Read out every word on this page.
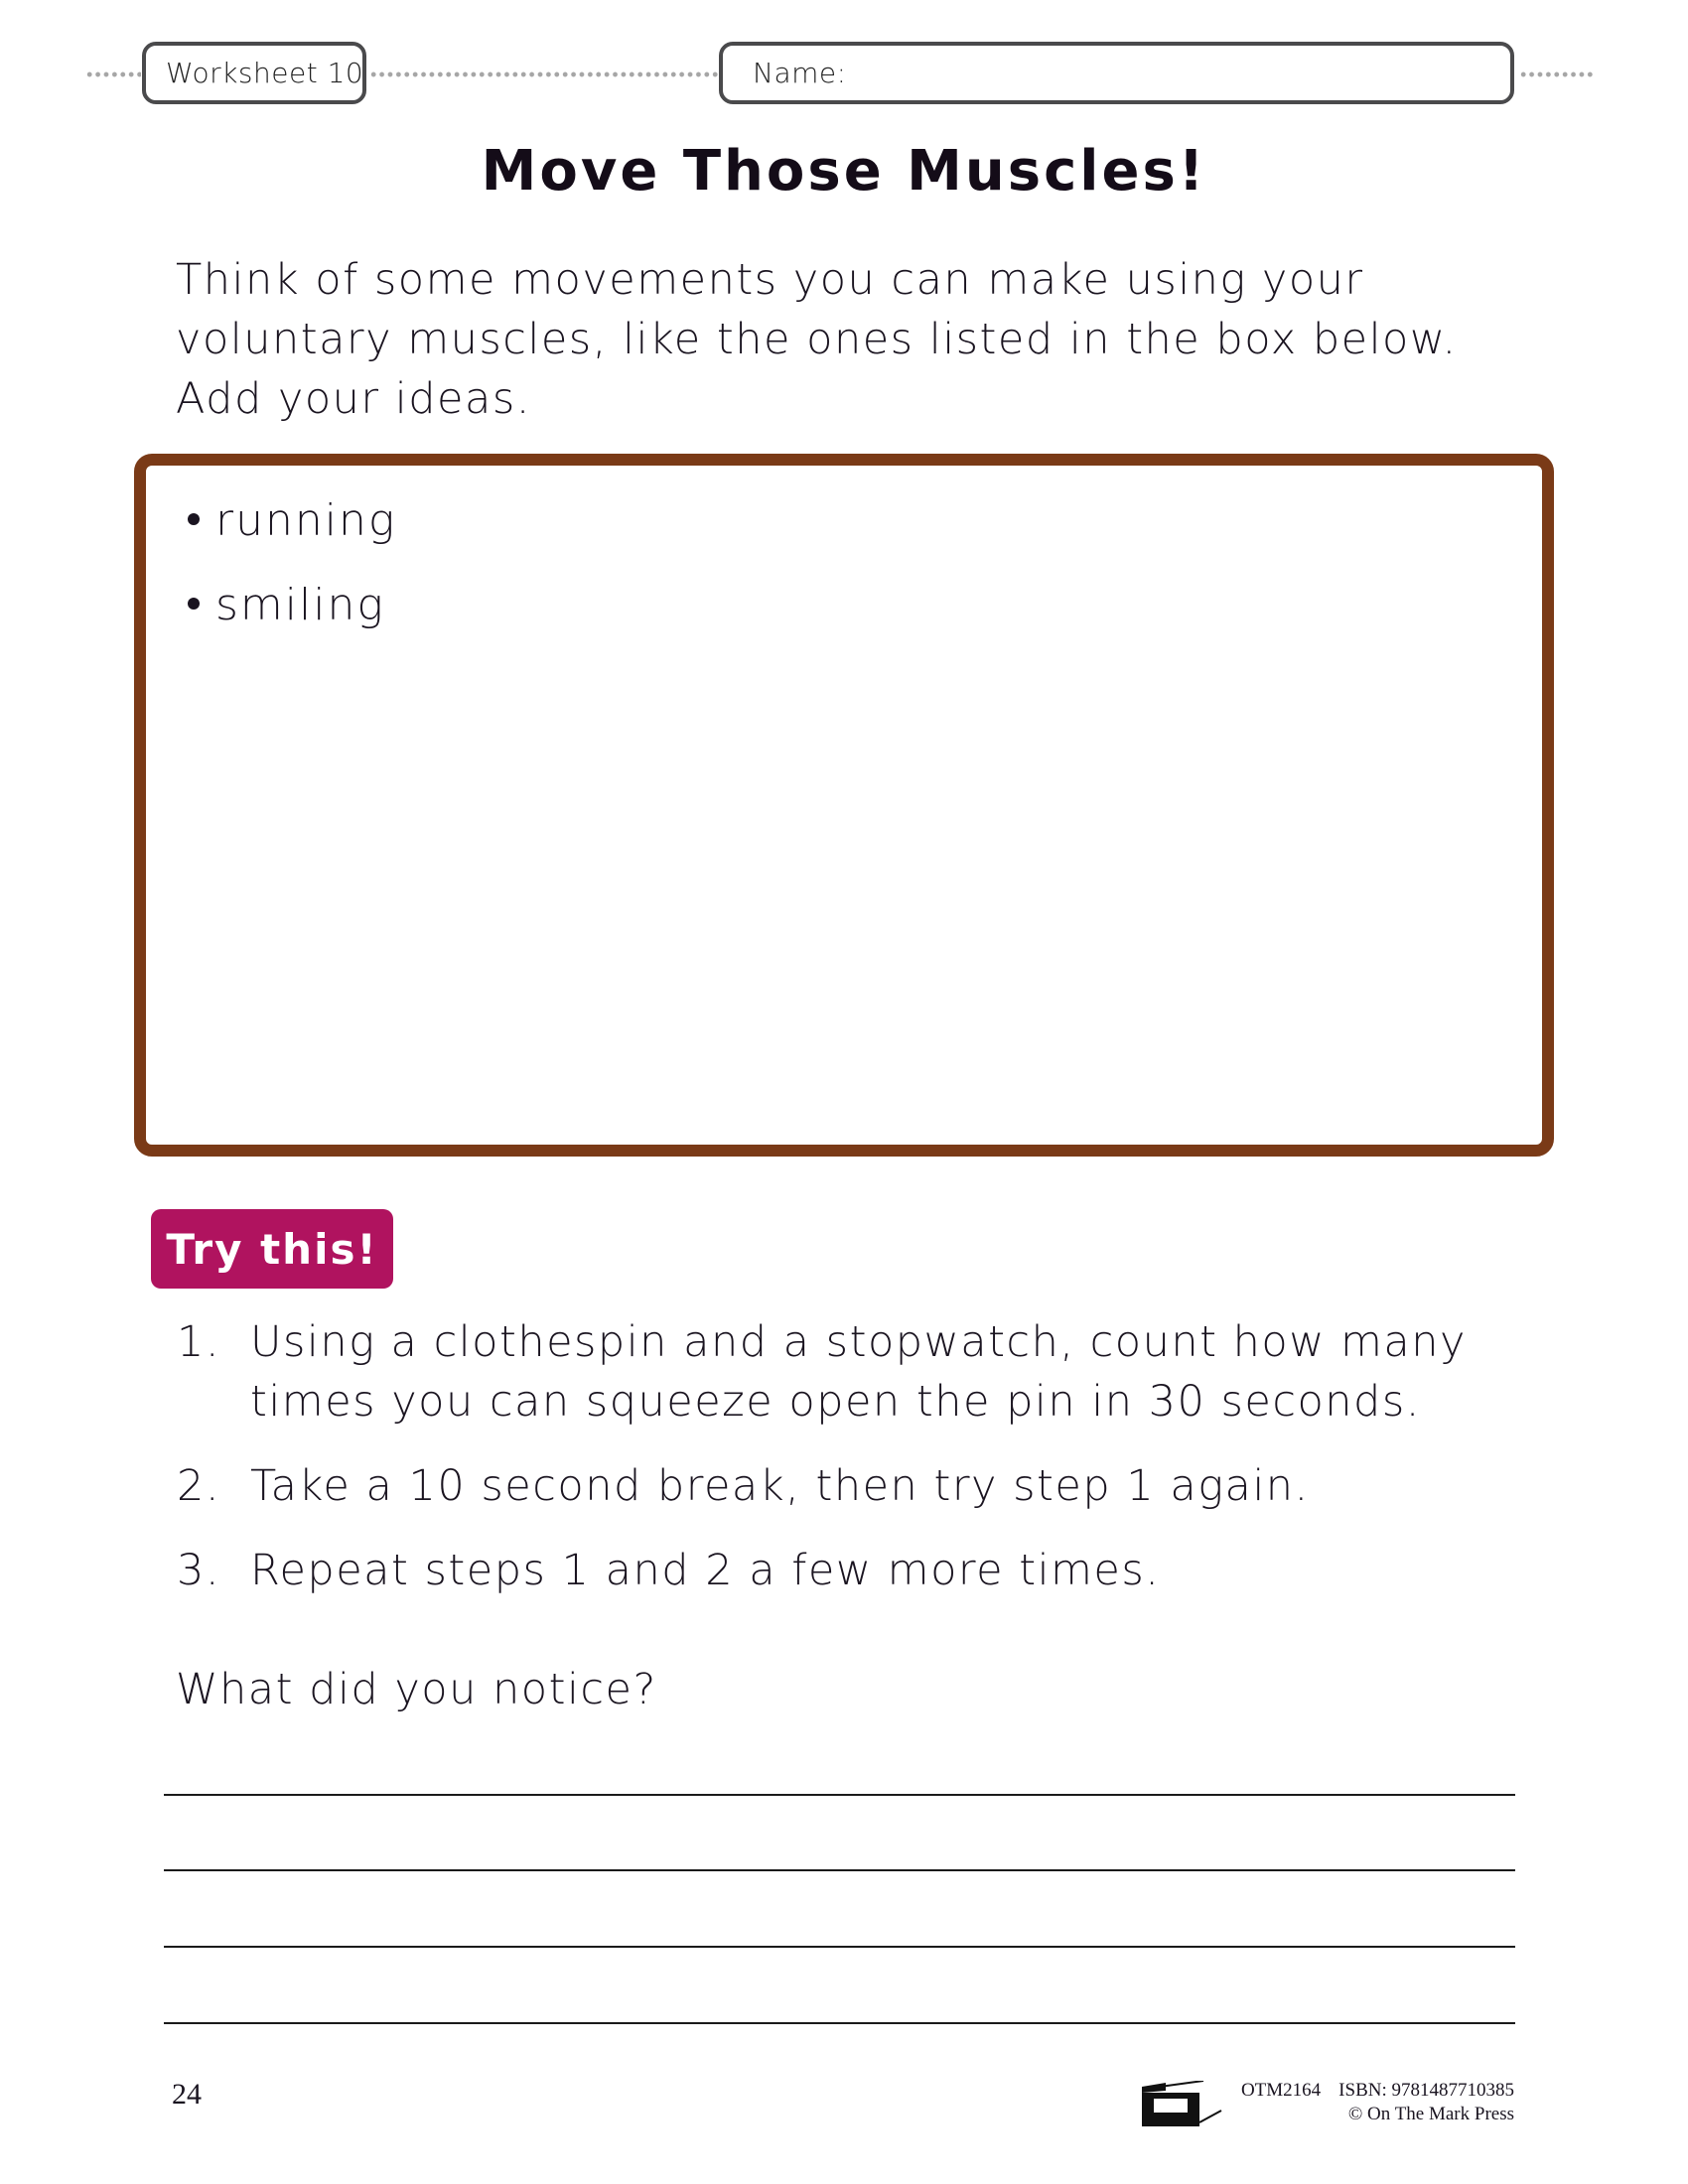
Worksheet 10	Name:
Move Those Muscles!
Think of some movements you can make using your
voluntary muscles, like the ones listed in the box below.
Add your ideas.
running
smiling
Try this!
1. Using a clothespin and a stopwatch, count how many
times you can squeeze open the pin in 30 seconds.
2. Take a 10 second break, then try step 1 again.
3. Repeat steps 1 and 2 a few more times.
What did you notice?
24	OTM2164 ISBN: 9781487710385
© On The Mark Press
